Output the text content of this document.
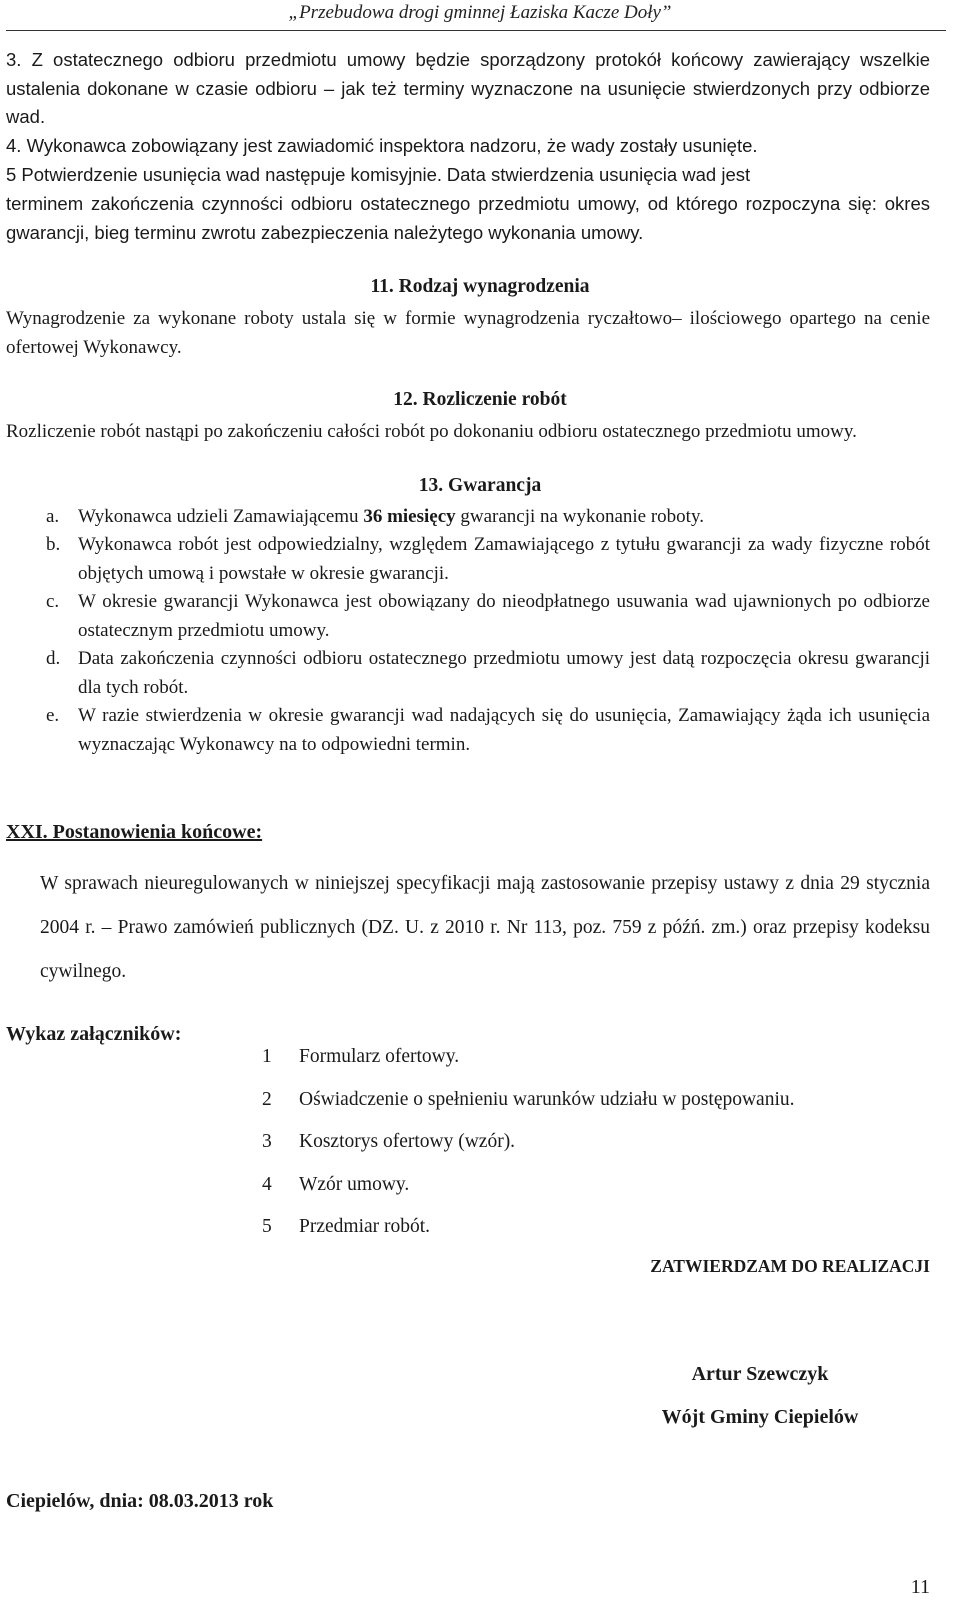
„Przebudowa drogi gminnej Łaziska Kacze Doły”
3. Z ostatecznego odbioru przedmiotu umowy będzie sporządzony protokół końcowy zawierający wszelkie ustalenia dokonane w czasie odbioru – jak też terminy wyznaczone na usunięcie stwierdzonych przy odbiorze wad.
4. Wykonawca zobowiązany jest zawiadomić inspektora nadzoru, że wady zostały usunięte.
5 Potwierdzenie usunięcia wad następuje komisyjnie. Data stwierdzenia usunięcia wad jest
terminem zakończenia czynności odbioru ostatecznego przedmiotu umowy, od którego rozpoczyna się: okres gwarancji, bieg terminu zwrotu zabezpieczenia należytego wykonania umowy.
11. Rodzaj wynagrodzenia
Wynagrodzenie za wykonane roboty ustala się w formie wynagrodzenia ryczałtowo– ilościowego opartego na cenie ofertowej Wykonawcy.
12. Rozliczenie robót
Rozliczenie robót nastąpi po zakończeniu całości robót po dokonaniu odbioru ostatecznego przedmiotu umowy.
13. Gwarancja
a. Wykonawca udzieli Zamawiającemu 36 miesięcy gwarancji na wykonanie roboty.
b. Wykonawca robót jest odpowiedzialny, względem Zamawiającego z tytułu gwarancji za wady fizyczne robót objętych umową i powstałe w okresie gwarancji.
c. W okresie gwarancji Wykonawca jest obowiązany do nieodpłatnego usuwania wad ujawnionych po odbiorze ostatecznym przedmiotu umowy.
d. Data zakończenia czynności odbioru ostatecznego przedmiotu umowy jest datą rozpoczęcia okresu gwarancji dla tych robót.
e. W razie stwierdzenia w okresie gwarancji wad nadających się do usunięcia, Zamawiający żąda ich usunięcia wyznaczając Wykonawcy na to odpowiedni termin.
XXI. Postanowienia końcowe:
W sprawach nieuregulowanych w niniejszej specyfikacji mają zastosowanie przepisy ustawy z dnia 29 stycznia 2004 r. – Prawo zamówień publicznych (DZ. U. z 2010 r. Nr 113, poz. 759 z późń. zm.) oraz przepisy kodeksu cywilnego.
Wykaz załączników:
1 Formularz ofertowy.
2 Oświadczenie o spełnieniu warunków udziału w postępowaniu.
3 Kosztorys ofertowy (wzór).
4 Wzór umowy.
5 Przedmiar robót.
ZATWIERDZAM DO REALIZACJI
Artur Szewczyk
Wójt Gminy Ciepielów
Ciepielów, dnia: 08.03.2013 rok
11
